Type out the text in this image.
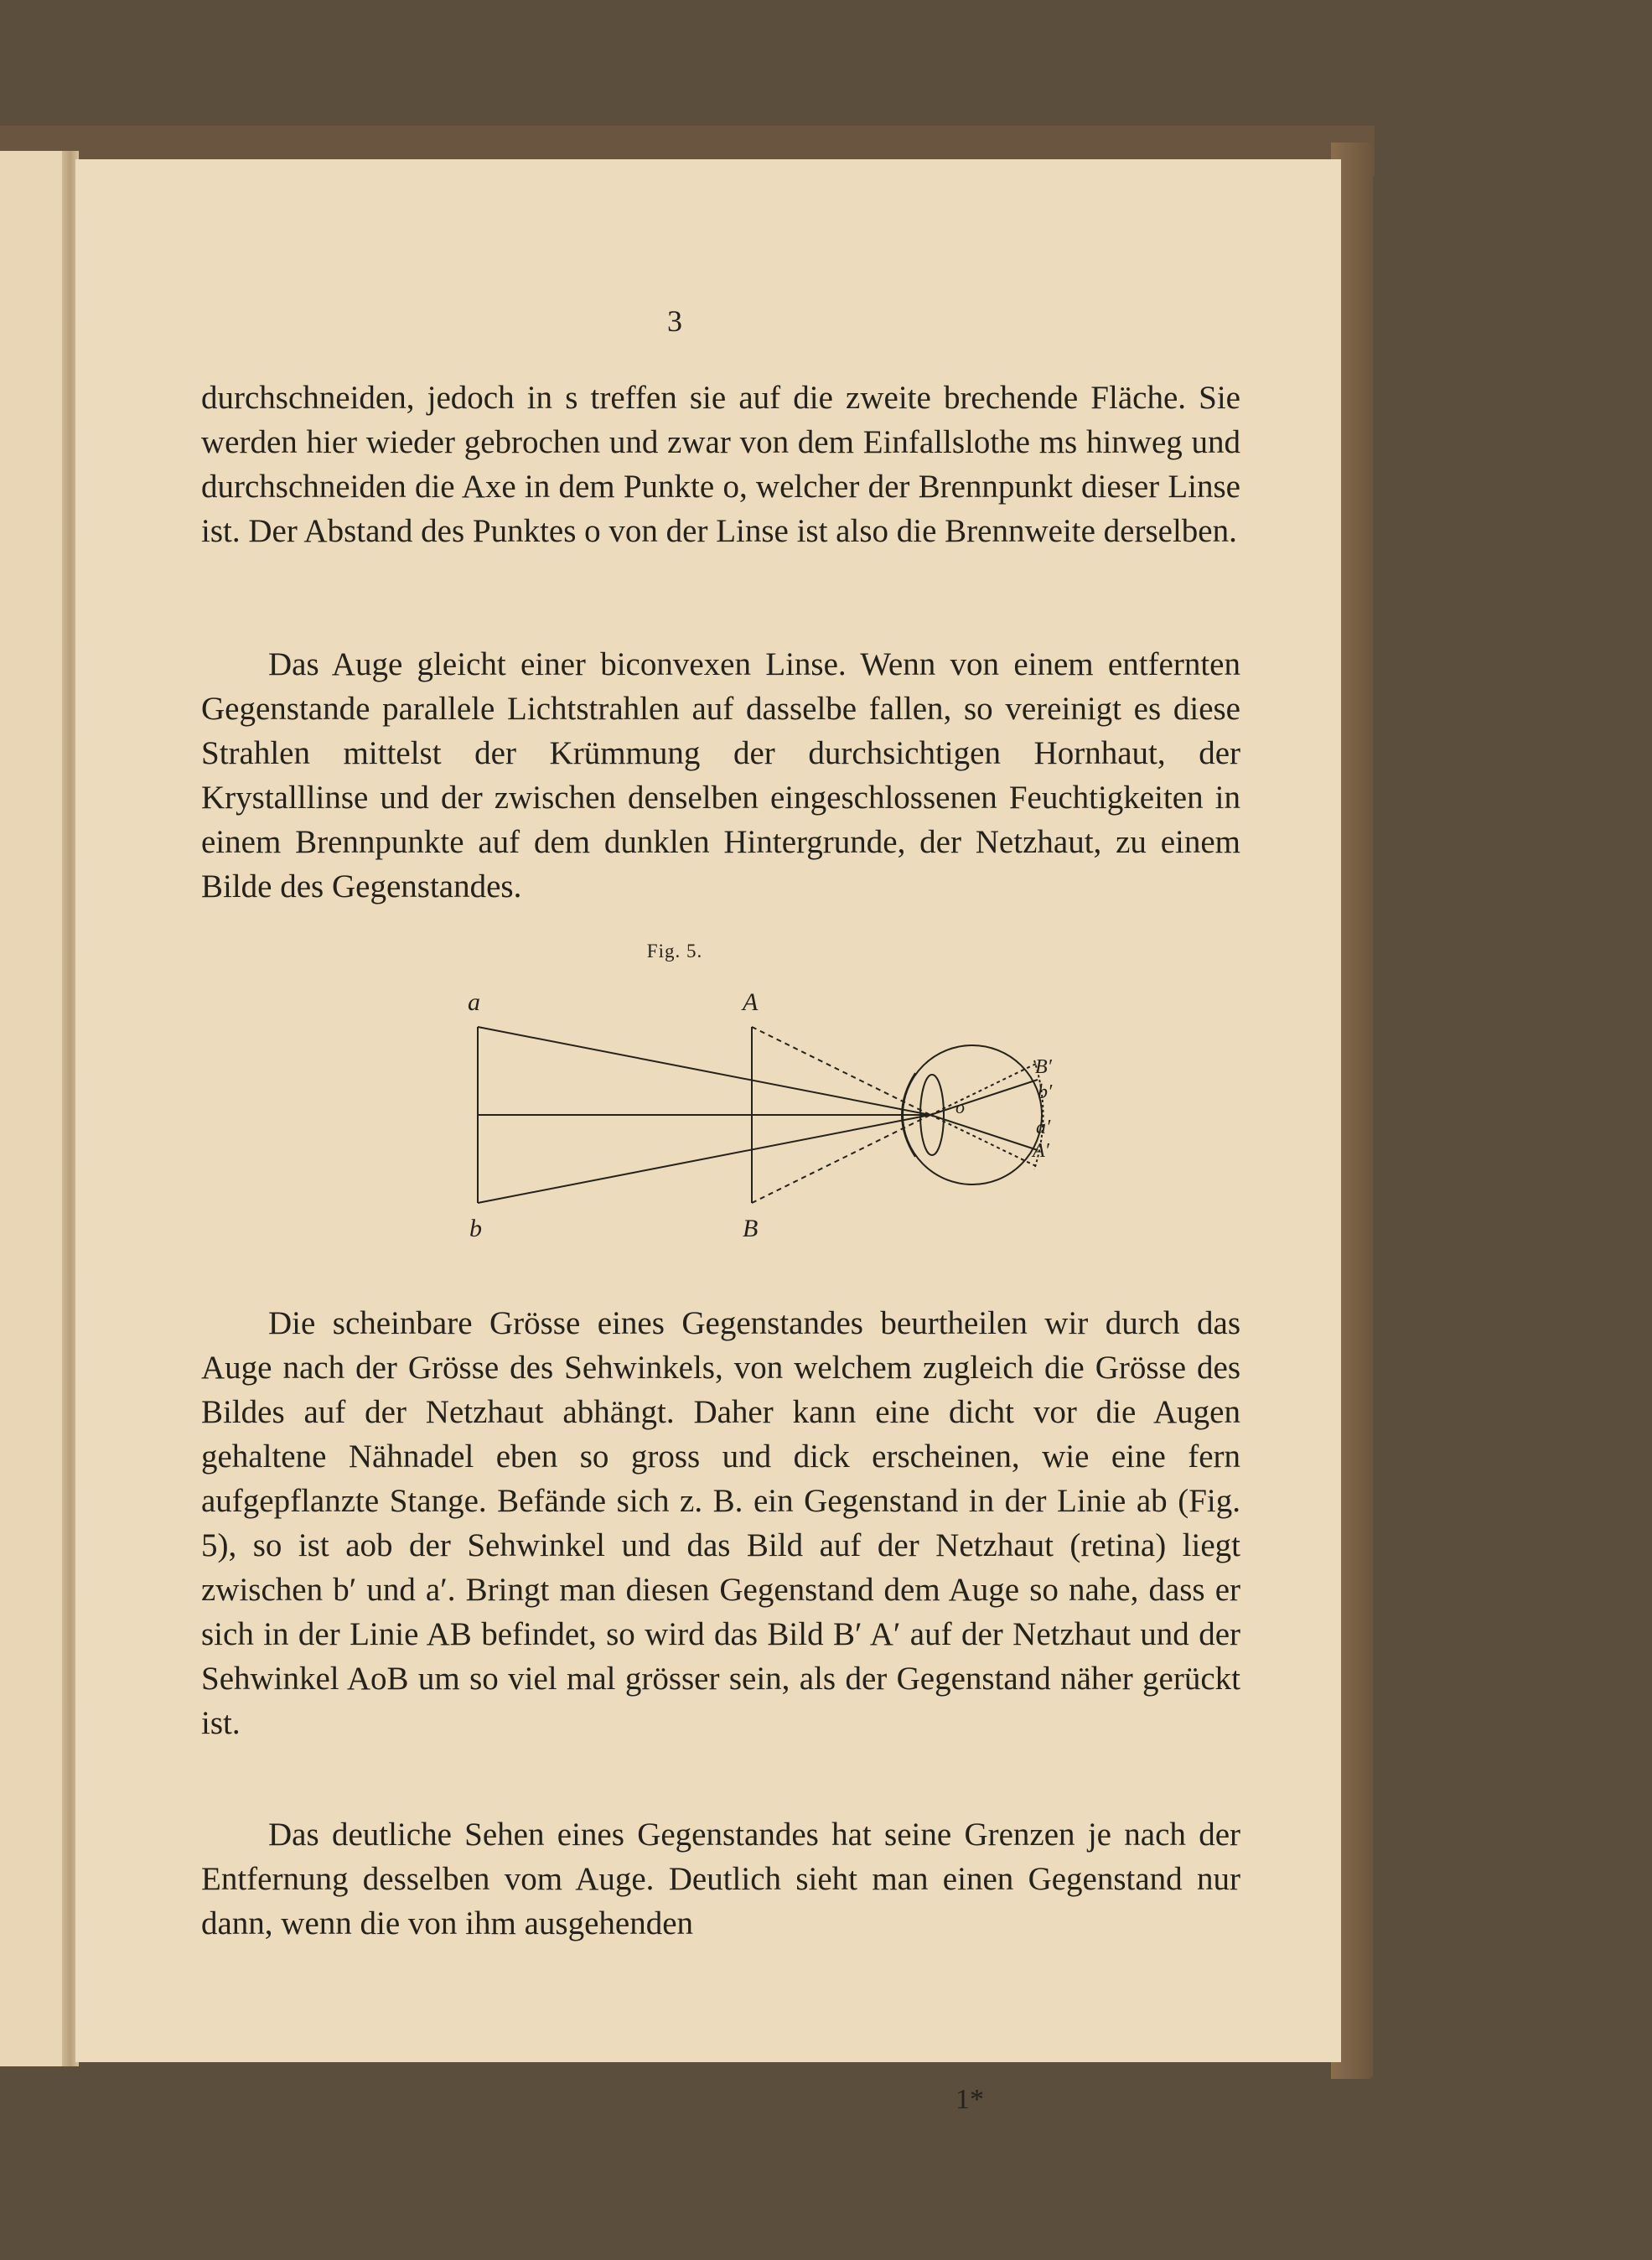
3

durchschneiden, jedoch in s treffen sie auf die zweite brechende Fläche. Sie werden hier wieder gebrochen und zwar von dem Einfallslothe ms hinweg und durchschneiden die Axe in dem Punkte o, welcher der Brennpunkt dieser Linse ist. Der Abstand des Punktes o von der Linse ist also die Brennweite derselben.

Das Auge gleicht einer biconvexen Linse. Wenn von einem entfernten Gegenstande parallele Lichtstrahlen auf dasselbe fallen, so vereinigt es diese Strahlen mittelst der Krümmung der durchsichtigen Hornhaut, der Krystalllinse und der zwischen denselben eingeschlossenen Feuchtigkeiten in einem Brennpunkte auf dem dunklen Hintergrunde, der Netzhaut, zu einem Bilde des Gegenstandes.

Fig. 5.
a
b
A
B
o
B′
b′
a′
A′

Die scheinbare Grösse eines Gegenstandes beurtheilen wir durch das Auge nach der Grösse des Sehwinkels, von welchem zugleich die Grösse des Bildes auf der Netzhaut abhängt. Daher kann eine dicht vor die Augen gehaltene Nähnadel eben so gross und dick erscheinen, wie eine fern aufgepflanzte Stange. Befände sich z. B. ein Gegenstand in der Linie ab (Fig. 5), so ist aob der Sehwinkel und das Bild auf der Netzhaut (retina) liegt zwischen b′ und a′. Bringt man diesen Gegenstand dem Auge so nahe, dass er sich in der Linie AB befindet, so wird das Bild B′ A′ auf der Netzhaut und der Sehwinkel AoB um so viel mal grösser sein, als der Gegenstand näher gerückt ist.

Das deutliche Sehen eines Gegenstandes hat seine Grenzen je nach der Entfernung desselben vom Auge. Deutlich sieht man einen Gegenstand nur dann, wenn die von ihm ausgehenden

1*
